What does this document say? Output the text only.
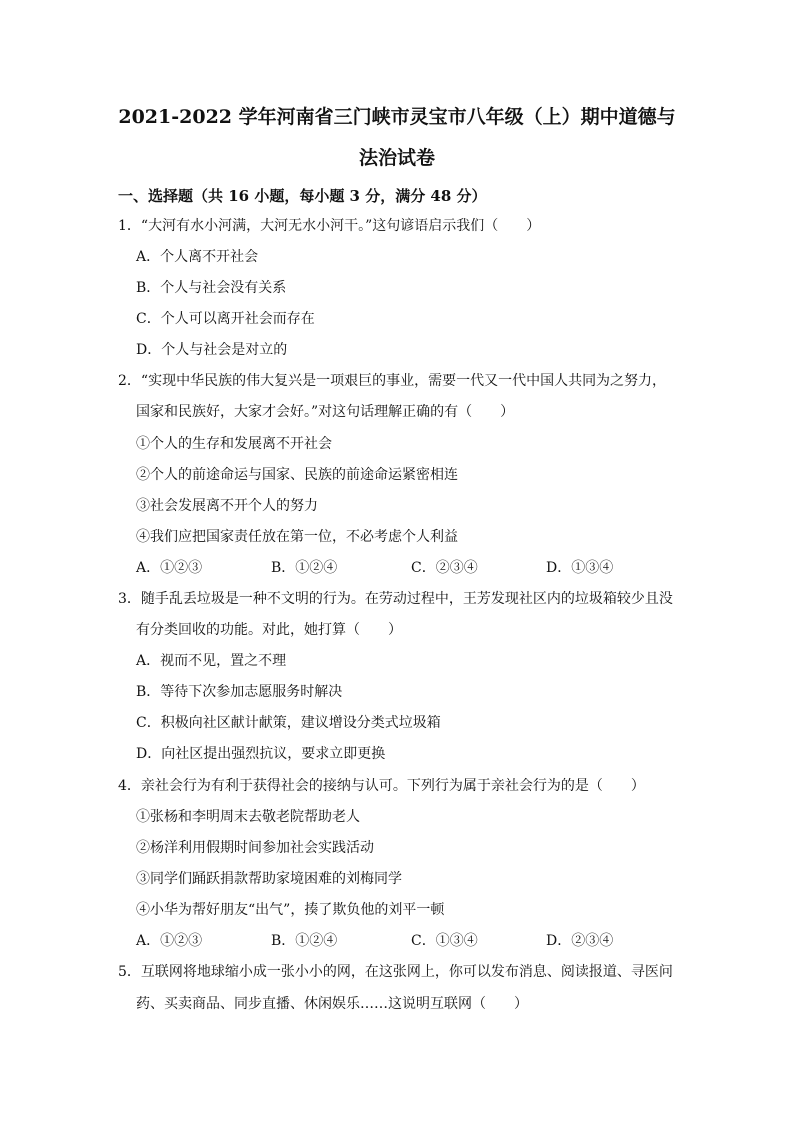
2021-2022 学年河南省三门峡市灵宝市八年级（上）期中道德与
法治试卷
一、选择题（共 16 小题，每小题 3 分，满分 48 分）
1．“大河有水小河满，大河无水小河干。”这句谚语启示我们（　　）
A．个人离不开社会
B．个人与社会没有关系
C．个人可以离开社会而存在
D．个人与社会是对立的
2．“实现中华民族的伟大复兴是一项艰巨的事业，需要一代又一代中国人共同为之努力，
国家和民族好，大家才会好。”对这句话理解正确的有（　　）
①个人的生存和发展离不开社会
②个人的前途命运与国家、民族的前途命运紧密相连
③社会发展离不开个人的努力
④我们应把国家责任放在第一位，不必考虑个人利益
A．①②③	B．①②④	C．②③④	D．①③④
3．随手乱丢垃圾是一种不文明的行为。在劳动过程中，王芳发现社区内的垃圾箱较少且没
有分类回收的功能。对此，她打算（　　）
A．视而不见，置之不理
B．等待下次参加志愿服务时解决
C．积极向社区献计献策，建议增设分类式垃圾箱
D．向社区提出强烈抗议，要求立即更换
4．亲社会行为有利于获得社会的接纳与认可。下列行为属于亲社会行为的是（　　）
①张杨和李明周末去敬老院帮助老人
②杨洋利用假期时间参加社会实践活动
③同学们踊跃捐款帮助家境困难的刘梅同学
④小华为帮好朋友“出气”，揍了欺负他的刘平一顿
A．①②③	B．①②④	C．①③④	D．②③④
5．互联网将地球缩小成一张小小的网，在这张网上，你可以发布消息、阅读报道、寻医问
药、买卖商品、同步直播、休闲娱乐……这说明互联网（　　）
